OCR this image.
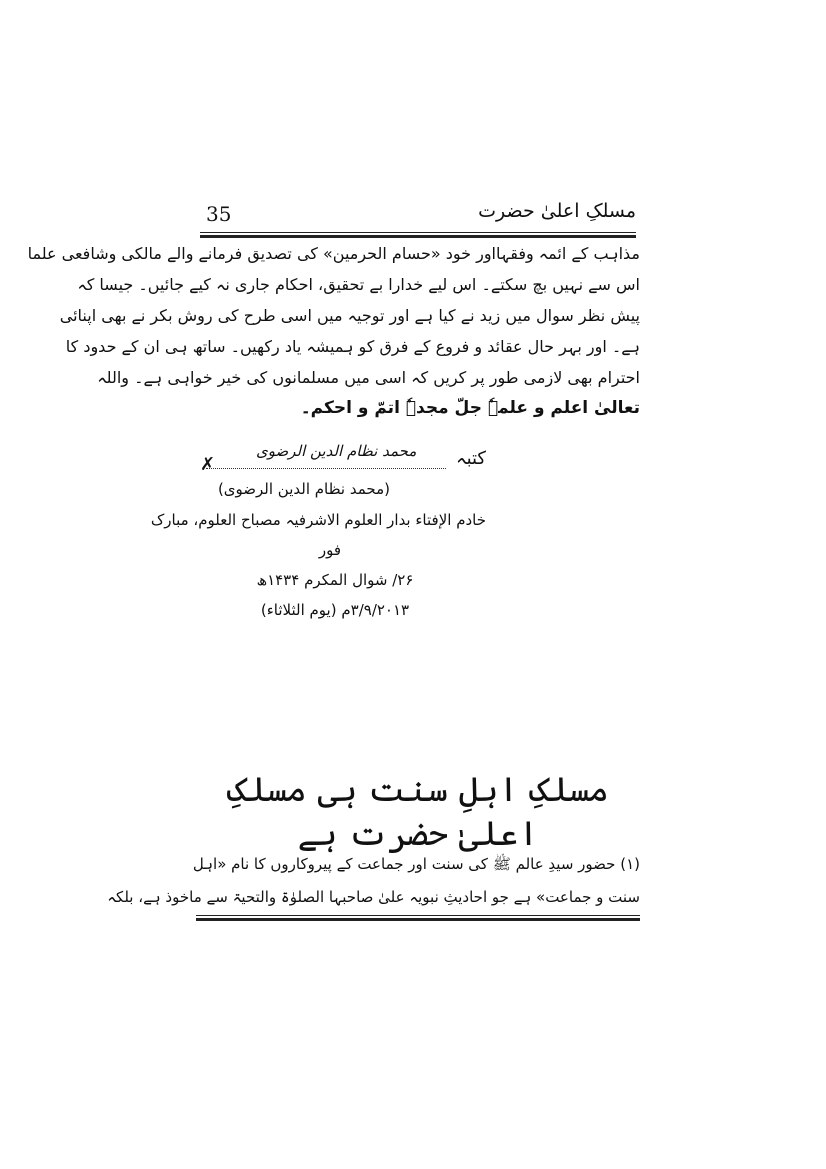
35	مسلکِ اعلیٰ حضرت

مذاہب کے ائمہ وفقہااور خود «حسام الحرمین» کی تصدیق فرمانے والے مالکی وشافعی علما
اس سے نہیں بچ سکتے۔ اس لیے خدارا بے تحقیق، احکام جاری نہ کیے جائیں۔ جیسا کہ
پیش نظر سوال میں زید نے کیا ہے اور توجیہ میں اسی طرح کی روش بکر نے بھی اپنائی
ہے۔ اور بہر حال عقائد و فروع کے فرق کو ہمیشہ یاد رکھیں۔ ساتھ ہی ان کے حدود کا
احترام بھی لازمی طور پر کریں کہ اسی میں مسلمانوں کی خیر خواہی ہے۔ واللہ
تعالیٰ اعلم و علمہٗ جلّ مجدہٗ اتمّ و احکم۔

کتبہ
محمد نظام الدین الرضوی
✗
(محمد نظام الدین الرضوی)
خادم الإفتاء بدار العلوم الاشرفیہ مصباح العلوم، مبارک
فور
۲۶/ شوال المکرم ۱۴۳۴ھ
۳/۹/۲۰۱۳م (یوم الثلاثاء)
مسلکِ اہلِ سنت ہی مسلکِ اعلیٰ حضرت ہے
(۱) حضور سیدِ عالم ﷺ کی سنت اور جماعت کے پیروکاروں کا نام «اہل
سنت و جماعت» ہے جو احادیثِ نبویہ علیٰ صاحبہا الصلوٰۃ والتحیۃ سے ماخوذ ہے، بلکہ
